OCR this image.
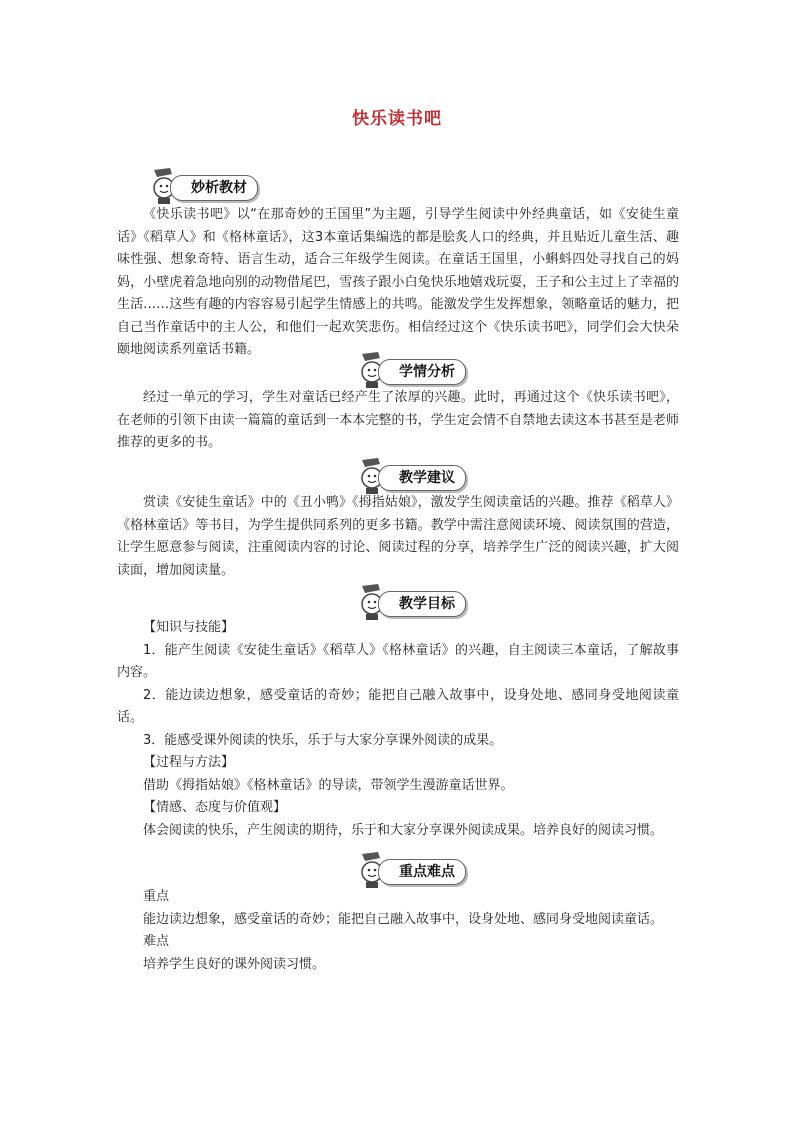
快乐读书吧
妙析教材

《快乐读书吧》以“在那奇妙的王国里”为主题，引导学生阅读中外经典童话，如《安徒生童话》《稻草人》和《格林童话》，这3本童话集编选的都是脍炙人口的经典，并且贴近儿童生活、趣味性强、想象奇特、语言生动，适合三年级学生阅读。在童话王国里，小蝌蚪四处寻找自己的妈妈，小壁虎着急地向别的动物借尾巴，雪孩子跟小白兔快乐地嬉戏玩耍，王子和公主过上了幸福的生活……这些有趣的内容容易引起学生情感上的共鸣。能激发学生发挥想象，领略童话的魅力，把自己当作童话中的主人公，和他们一起欢笑悲伤。相信经过这个《快乐读书吧》，同学们会大快朵颐地阅读系列童话书籍。

学情分析

经过一单元的学习，学生对童话已经产生了浓厚的兴趣。此时，再通过这个《快乐读书吧》，在老师的引领下由读一篇篇的童话到一本本完整的书，学生定会情不自禁地去读这本书甚至是老师推荐的更多的书。

教学建议

赏读《安徒生童话》中的《丑小鸭》《拇指姑娘》，激发学生阅读童话的兴趣。推荐《稻草人》《格林童话》等书目，为学生提供同系列的更多书籍。教学中需注意阅读环境、阅读氛围的营造，让学生愿意参与阅读，注重阅读内容的讨论、阅读过程的分享，培养学生广泛的阅读兴趣，扩大阅读面，增加阅读量。

教学目标

【知识与技能】

1．能产生阅读《安徒生童话》《稻草人》《格林童话》的兴趣，自主阅读三本童话，了解故事内容。

2．能边读边想象，感受童话的奇妙；能把自己融入故事中，设身处地、感同身受地阅读童话。

3．能感受课外阅读的快乐，乐于与大家分享课外阅读的成果。

【过程与方法】

借助《拇指姑娘》《格林童话》的导读，带领学生漫游童话世界。

【情感、态度与价值观】

体会阅读的快乐，产生阅读的期待，乐于和大家分享课外阅读成果。培养良好的阅读习惯。

重点难点

重点

能边读边想象，感受童话的奇妙；能把自己融入故事中，设身处地、感同身受地阅读童话。

难点

培养学生良好的课外阅读习惯。
